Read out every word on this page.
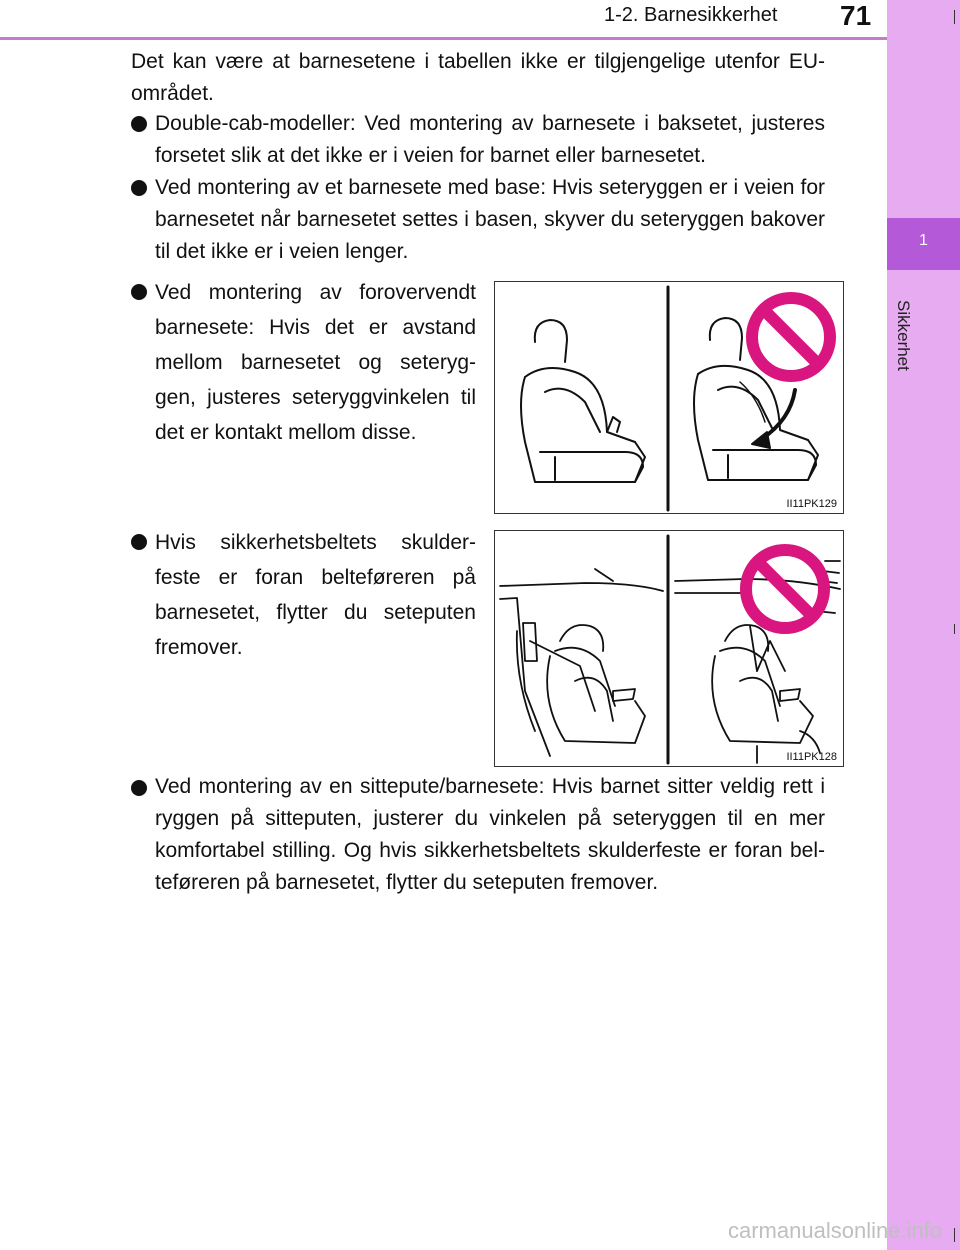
1-2. Barnesikkerhet 71
1
Sikkerhet

Det kan være at barnesetene i tabellen ikke er tilgjengelige utenfor EU-området.

Double-cab-modeller: Ved montering av barnesete i baksetet, justeres forsetet slik at det ikke er i veien for barnet eller barnesetet.

Ved montering av et barnesete med base: Hvis seteryggen er i veien for barnesetet når barnesetet settes i basen, skyver du seteryggen bakover til det ikke er i veien lenger.

Ved montering av forovervendt barnesete: Hvis det er avstand mellom barnesetet og seteryg-gen, justeres seteryggvinkelen til det er kontakt mellom disse.

Hvis sikkerhetsbeltets skulder-feste er foran belteføreren på barnesetet, flytter du seteputen fremover.

Ved montering av en sittepute/barnesete: Hvis barnet sitter veldig rett i ryggen på sitteputen, justerer du vinkelen på seteryggen til en mer komfortabel stilling. Og hvis sikkerhetsbeltets skulderfeste er foran bel-teføreren på barnesetet, flytter du seteputen fremover.

II11PK129
II11PK128
carmanualsonline.info
